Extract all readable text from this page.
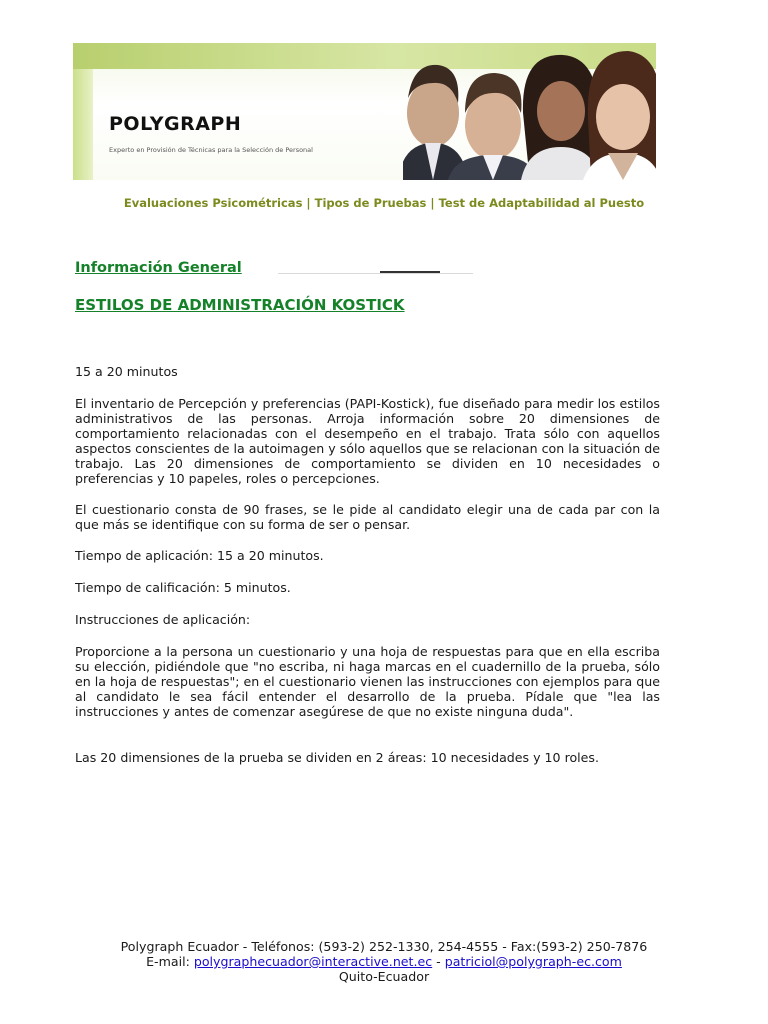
POLYGRAPH
Experto en Provisión de Técnicas para la Selección de Personal
Evaluaciones Psicométricas | Tipos de Pruebas | Test de Adaptabilidad al Puesto
Información General
ESTILOS DE ADMINISTRACIÓN KOSTICK

15 a 20 minutos

El inventario de Percepción y preferencias (PAPI-Kostick), fue diseñado para medir los estilos administrativos de las personas. Arroja información sobre 20 dimensiones de comportamiento relacionadas con el desempeño en el trabajo. Trata sólo con aquellos aspectos conscientes de la autoimagen y sólo aquellos que se relacionan con la situación de trabajo. Las 20 dimensiones de comportamiento se dividen en 10 necesidades o preferencias y 10 papeles, roles o percepciones.

El cuestionario consta de 90 frases, se le pide al candidato elegir una de cada par con la que más se identifique con su forma de ser o pensar.

Tiempo de aplicación: 15 a 20 minutos.

Tiempo de calificación: 5 minutos.

Instrucciones de aplicación:

Proporcione a la persona un cuestionario y una hoja de respuestas para que en ella escriba su elección, pidiéndole que "no escriba, ni haga marcas en el cuadernillo de la prueba, sólo en la hoja de respuestas"; en el cuestionario vienen las instrucciones con ejemplos para que al candidato le sea fácil entender el desarrollo de la prueba. Pídale que "lea las instrucciones y antes de comenzar asegúrese de que no existe ninguna duda".

Las 20 dimensiones de la prueba se dividen en 2 áreas: 10 necesidades y 10 roles.

Polygraph Ecuador - Teléfonos: (593-2) 252-1330, 254-4555 - Fax:(593-2) 250-7876
E-mail: polygraphecuador@interactive.net.ec - patriciol@polygraph-ec.com
Quito-Ecuador
